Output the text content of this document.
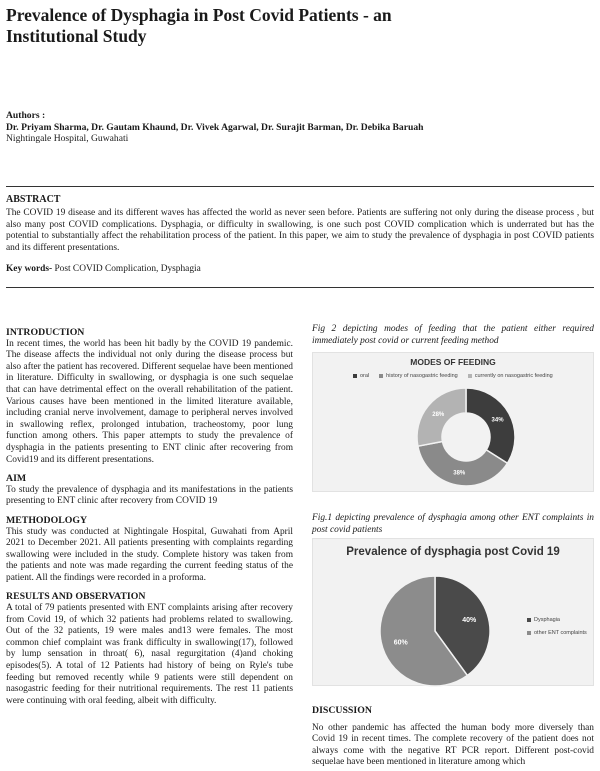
Prevalence of Dysphagia in Post Covid Patients - an Institutional Study
Authors :
Dr. Priyam Sharma, Dr. Gautam Khaund, Dr. Vivek Agarwal, Dr. Surajit Barman, Dr. Debika Baruah
Nightingale Hospital, Guwahati
ABSTRACT
The COVID 19 disease and its different waves has affected the world as never seen before. Patients are suffering not only during the disease process , but also many post COVID complications. Dysphagia, or difficulty in swallowing, is one such post COVID complication which is underrated but has the potential to substantially affect the rehabilitation process of the patient. In this paper, we aim to study the prevalence of dysphagia in post COVID patients and its different presentations.
Key words- Post COVID Complication, Dysphagia
INTRODUCTION
In recent times, the world has been hit badly by the COVID 19 pandemic. The disease affects the individual not only during the disease process but also after the patient has recovered. Different sequelae have been mentioned in literature. Difficulty in swallowing, or dysphagia is one such sequelae that can have detrimental effect on the overall rehabilitation of the patient. Various causes have been mentioned in the limited literature available, including cranial nerve involvement, damage to peripheral nerves involved in swallowing reflex, prolonged intubation, tracheostomy, poor lung function among others. This paper attempts to study the prevalence of dysphagia in the patients presenting to ENT clinic after recovering from Covid19 and its different presentations.
AIM
To study the prevalence of dysphagia and its manifestations in the patients presenting to ENT clinic after recovery from COVID 19
METHODOLOGY
This study was conducted at Nightingale Hospital, Guwahati from April 2021 to December 2021. All patients presenting with complaints regarding swallowing were included in the study. Complete history was taken from the patients and note was made regarding the current feeding status of the patient. All the findings were recorded in a proforma.
RESULTS AND OBSERVATION
A total of 79 patients presented with ENT complaints arising after recovery from Covid 19, of which 32 patients had problems related to swallowing. Out of the 32 patients, 19 were males and13 were females. The most common chief complaint was frank difficulty in swallowing(17), followed by lump sensation in throat( 6), nasal regurgitation (4)and choking episodes(5). A total of 12 Patients had history of being on Ryle's tube feeding but removed recently while 9 patients were still dependent on nasogastric feeding for their nutritional requirements. The rest 11 patients were continuing with oral feeding, albeit with difficulty.
Fig 2 depicting modes of feeding that the patient either required immediately post covid or current feeding method
MODES OF FEEDING
oral	history of nasogastric feeding	currently on nasogastric feeding
34%
38%
28%
Fig.1 depicting prevalence of dysphagia among other ENT complaints in post covid patients
Prevalence of dysphagia post Covid 19
Dysphagia
other ENT complaints
40%
60%
DISCUSSION
No other pandemic has affected the human body more diversely than Covid 19 in recent times. The complete recovery of the patient does not always come with the negative RT PCR report. Different post-covid sequelae have been mentioned in literature among which
